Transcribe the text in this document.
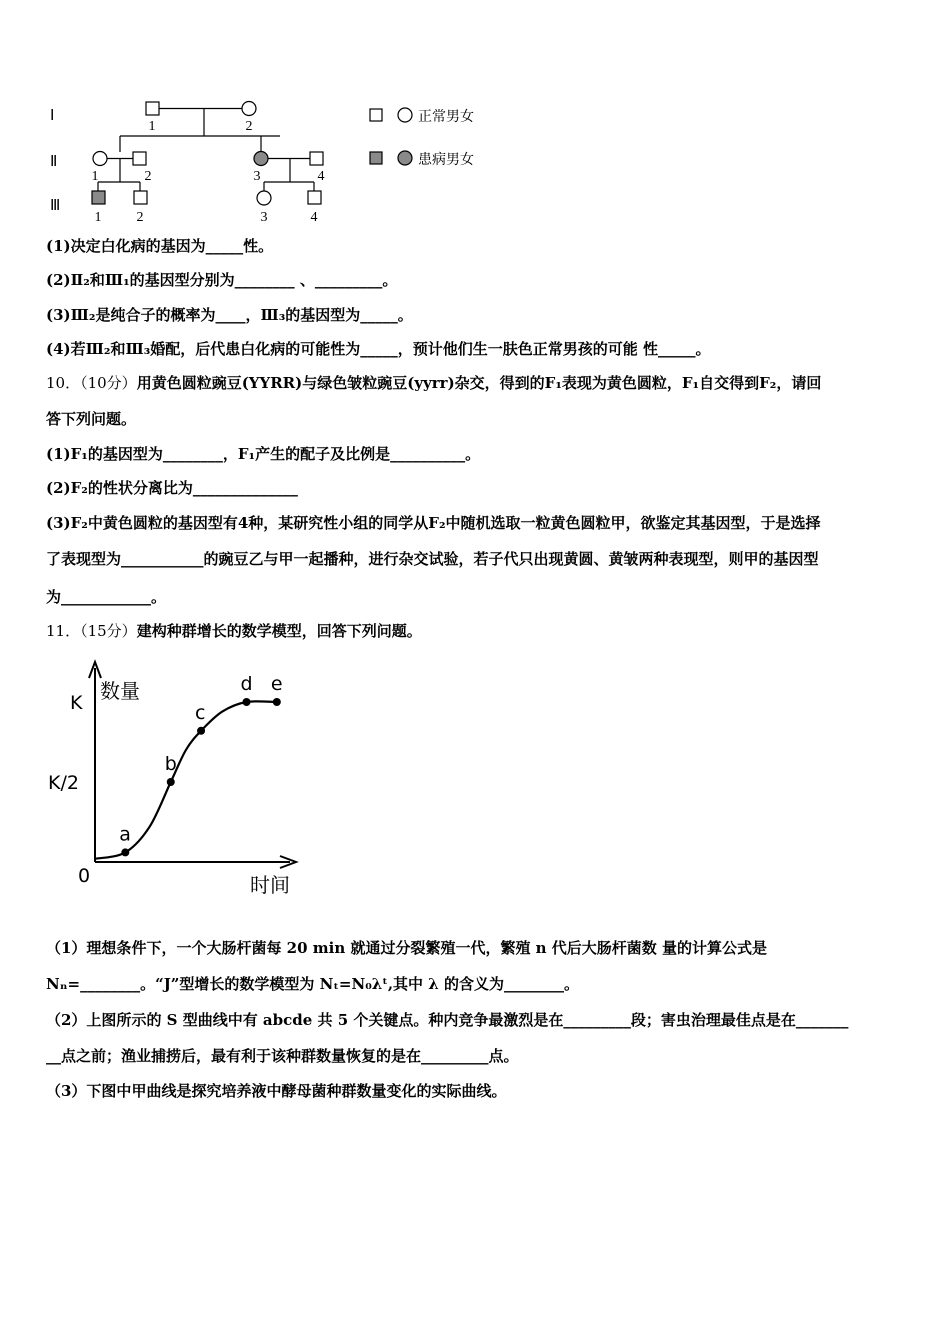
Ⅰ
Ⅱ
Ⅲ
1	2
1	2	3	4
1	2	3	4
正常男女
患病男女
(1)决定白化病的基因为_____性。
(2)Ⅱ₂和Ⅲ₁的基因型分别为________ 、_________。
(3)Ⅲ₂是纯合子的概率为____，Ⅲ₃的基因型为_____。
(4)若Ⅲ₂和Ⅲ₃婚配，后代患白化病的可能性为_____，预计他们生一肤色正常男孩的可能 性_____。
10．（10分）用黄色圆粒豌豆(YYRR)与绿色皱粒豌豆(yyrr)杂交，得到的F₁表现为黄色圆粒，F₁自交得到F₂，请回
答下列问题。
(1)F₁的基因型为________，F₁产生的配子及比例是__________。
(2)F₂的性状分离比为______________
(3)F₂中黄色圆粒的基因型有4种，某研究性小组的同学从F₂中随机选取一粒黄色圆粒甲，欲鉴定其基因型，于是选择
了表现型为___________的豌豆乙与甲一起播种，进行杂交试验，若子代只出现黄圆、黄皱两种表现型，则甲的基因型
为____________。
11．（15分）建构种群增长的数学模型，回答下列问题。
数量
时间
0
K/2
K
a
b
c
d e
（1）理想条件下，一个大肠杆菌每 20 min 就通过分裂繁殖一代，繁殖 n 代后大肠杆菌数 量的计算公式是
Nₙ=________。“J”型增长的数学模型为 Nₜ=N₀λᵗ,其中 λ 的含义为________。
（2）上图所示的 S 型曲线中有 abcde 共 5 个关键点。种内竞争最激烈是在_________段；害虫治理最佳点是在_______
__点之前；渔业捕捞后，最有利于该种群数量恢复的是在_________点。
（3）下图中甲曲线是探究培养液中酵母菌种群数量变化的实际曲线。
